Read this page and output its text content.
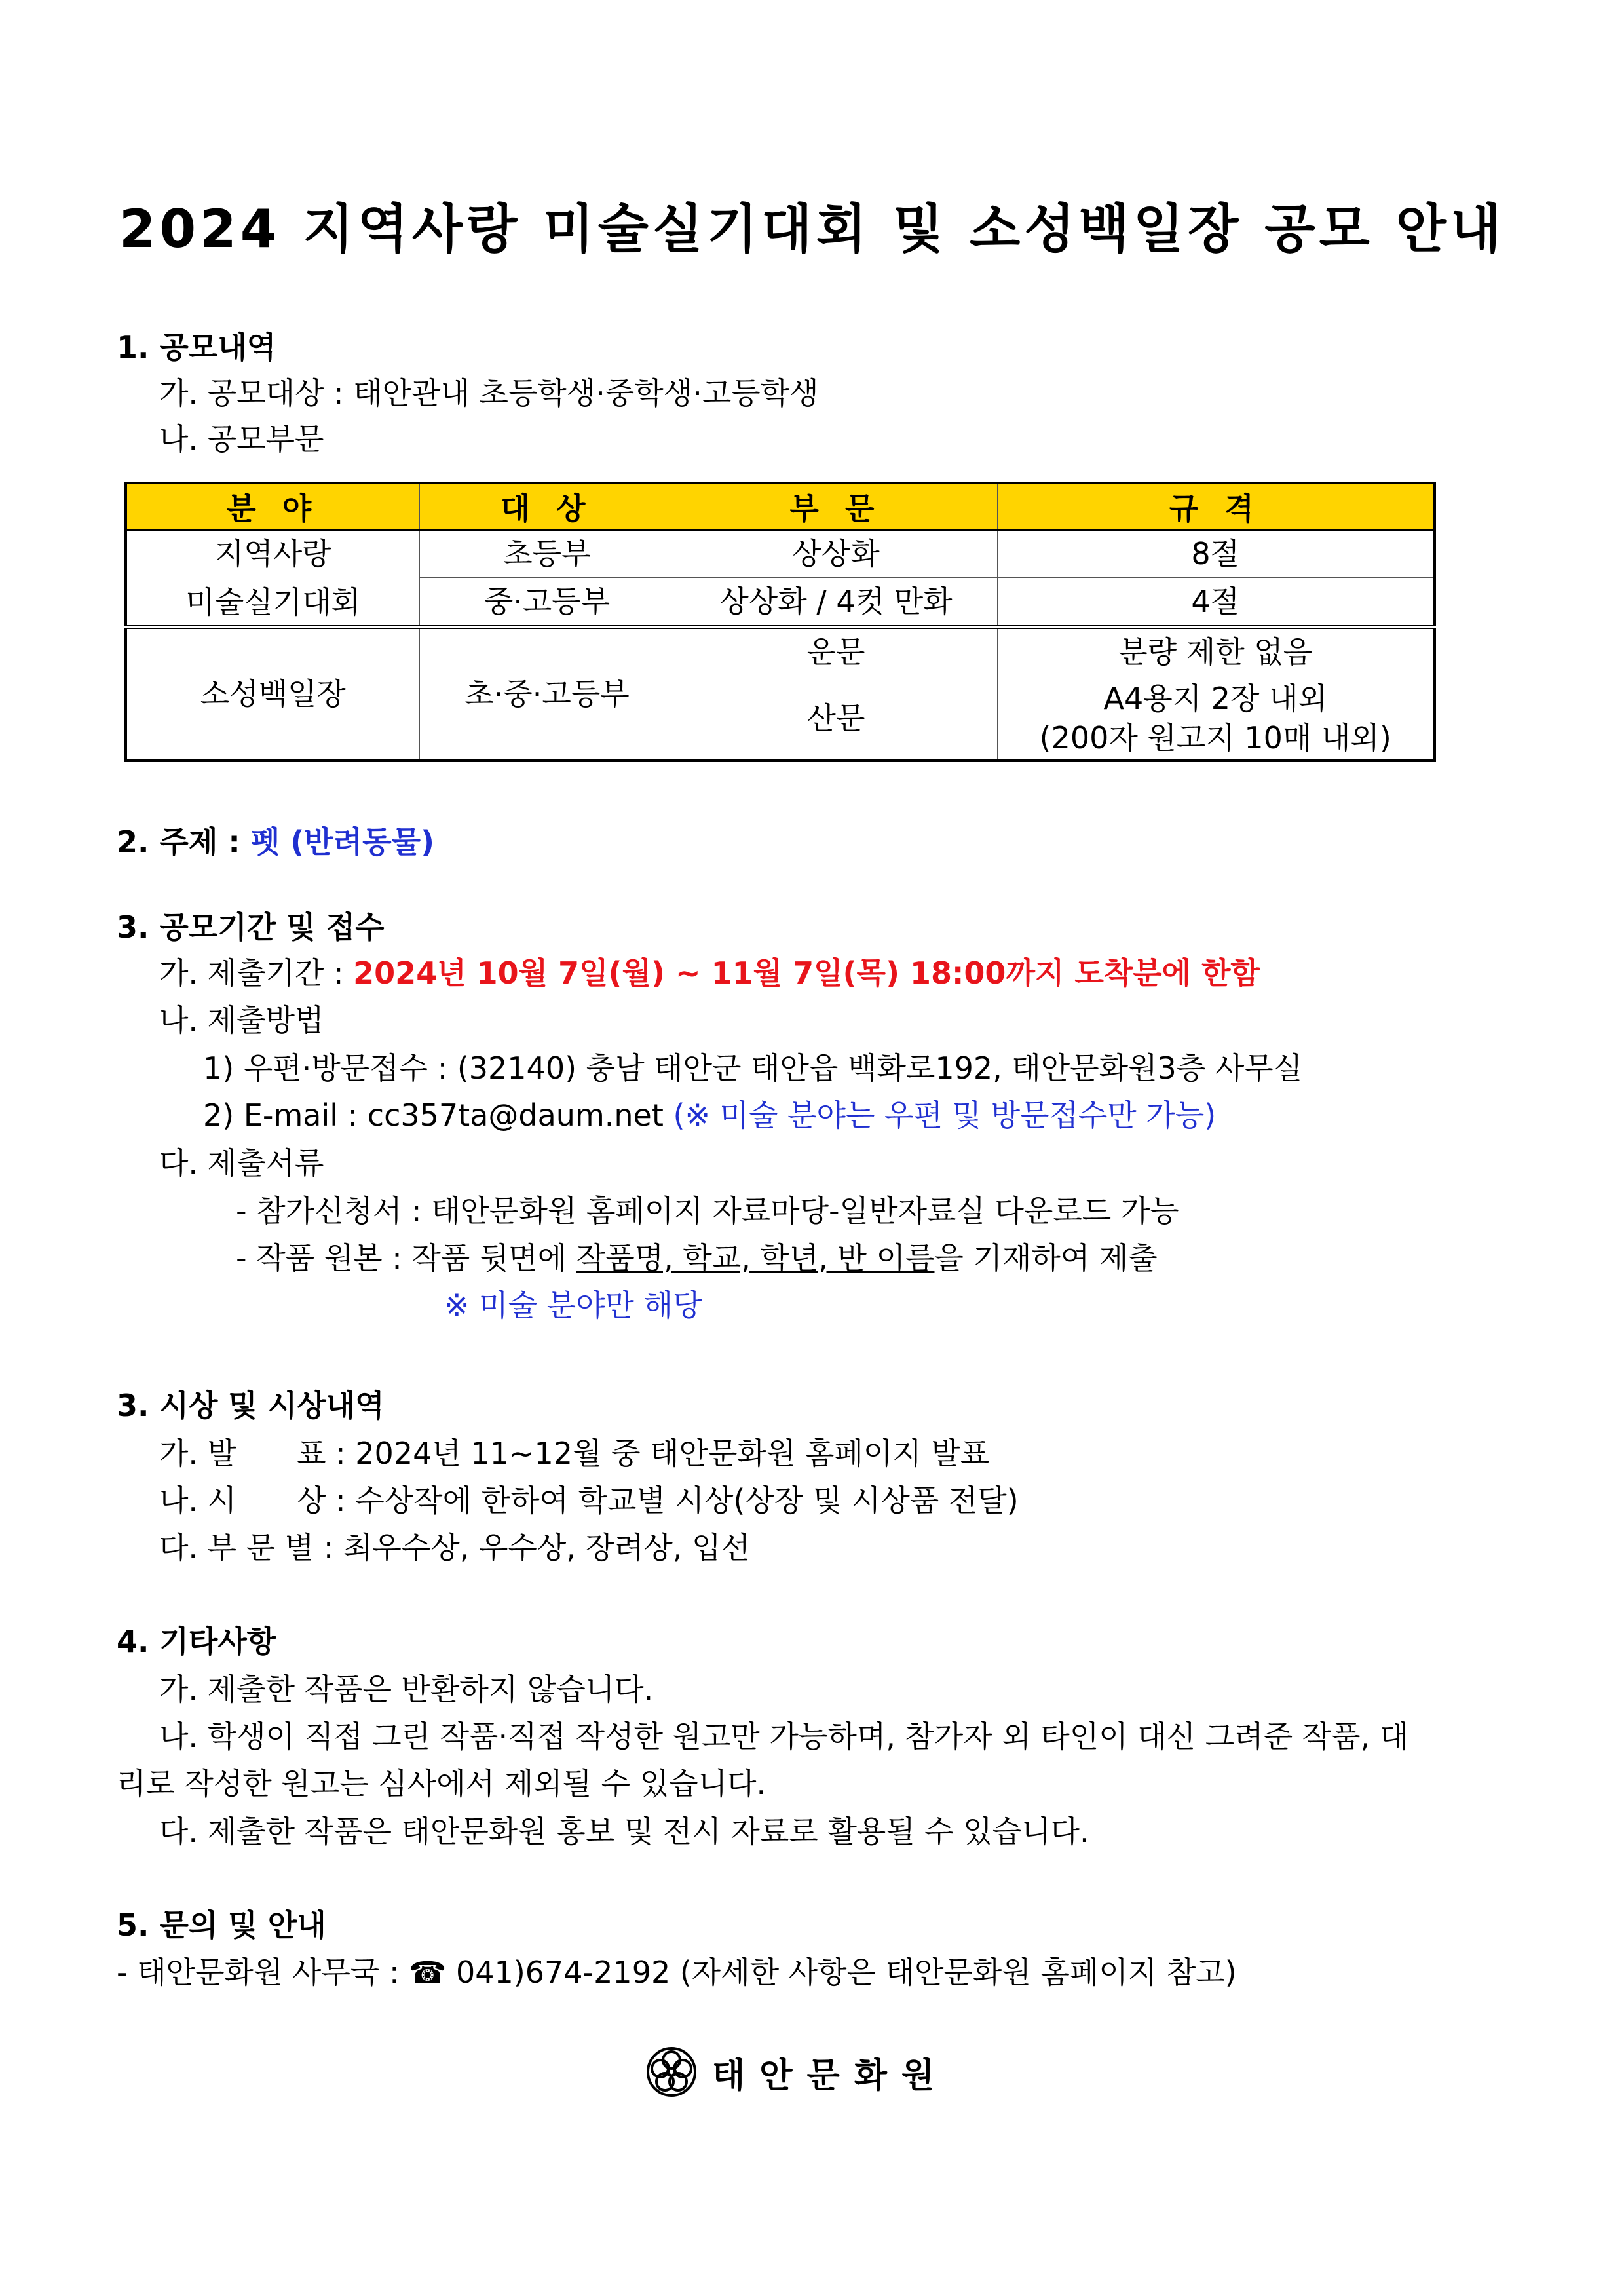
2024 지역사랑 미술실기대회 및 소성백일장 공모 안내
1. 공모내역
가. 공모대상 : 태안관내 초등학생·중학생·고등학생
나. 공모부문
분 야	대 상	부 문	규 격

지역사랑
미술실기대회	초등부	상상화	8절
	중·고등부	상상화 / 4컷 만화	4절
소성백일장	초·중·고등부	운문	분량 제한 없음
		산문	A4용지 2장 내외
(200자 원고지 10매 내외)
2. 주제 : 펫 (반려동물)
3. 공모기간 및 접수
가. 제출기간 : 2024년 10월 7일(월) ~ 11월 7일(목) 18:00까지 도착분에 한함
나. 제출방법
1) 우편·방문접수 : (32140) 충남 태안군 태안읍 백화로192, 태안문화원3층 사무실
2) E-mail : cc357ta@daum.net (※ 미술 분야는 우편 및 방문접수만 가능)
다. 제출서류
- 참가신청서 : 태안문화원 홈페이지 자료마당-일반자료실 다운로드 가능
- 작품 원본 : 작품 뒷면에 작품명, 학교, 학년, 반 이름을 기재하여 제출
※ 미술 분야만 해당
3. 시상 및 시상내역
가. 발　　표 : 2024년 11~12월 중 태안문화원 홈페이지 발표
나. 시　　상 : 수상작에 한하여 학교별 시상(상장 및 시상품 전달)
다. 부 문 별 : 최우수상, 우수상, 장려상, 입선
4. 기타사항
가. 제출한 작품은 반환하지 않습니다.
나. 학생이 직접 그린 작품·직접 작성한 원고만 가능하며, 참가자 외 타인이 대신 그려준 작품, 대
리로 작성한 원고는 심사에서 제외될 수 있습니다.
다. 제출한 작품은 태안문화원 홍보 및 전시 자료로 활용될 수 있습니다.
5. 문의 및 안내
- 태안문화원 사무국 : ☎ 041)674-2192 (자세한 사항은 태안문화원 홈페이지 참고)
태안문화원
